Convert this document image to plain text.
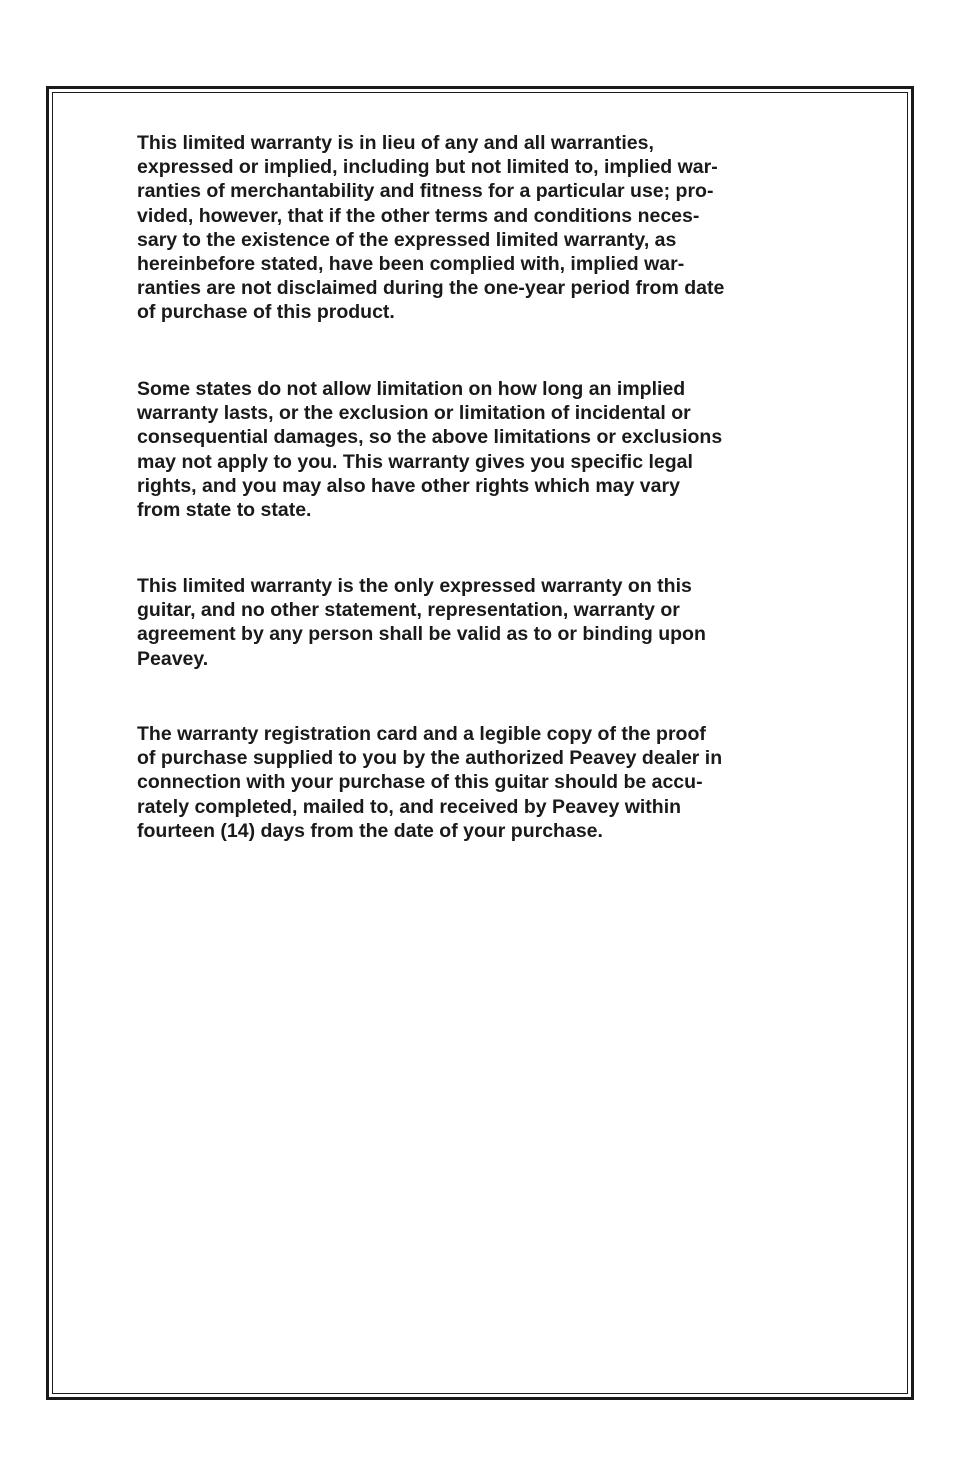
This limited warranty is in lieu of any and all warranties,
expressed or implied, including but not limited to, implied war-
ranties of merchantability and fitness for a particular use; pro-
vided, however, that if the other terms and conditions neces-
sary to the existence of the expressed limited warranty, as
hereinbefore stated, have been complied with, implied war-
ranties are not disclaimed during the one-year period from date
of purchase of this product.

Some states do not allow limitation on how long an implied
warranty lasts, or the exclusion or limitation of incidental or
consequential damages, so the above limitations or exclusions
may not apply to you. This warranty gives you specific legal
rights, and you may also have other rights which may vary
from state to state.

This limited warranty is the only expressed warranty on this
guitar, and no other statement, representation, warranty or
agreement by any person shall be valid as to or binding upon
Peavey.

The warranty registration card and a legible copy of the proof
of purchase supplied to you by the authorized Peavey dealer in
connection with your purchase of this guitar should be accu-
rately completed, mailed to, and received by Peavey within
fourteen (14) days from the date of your purchase.
